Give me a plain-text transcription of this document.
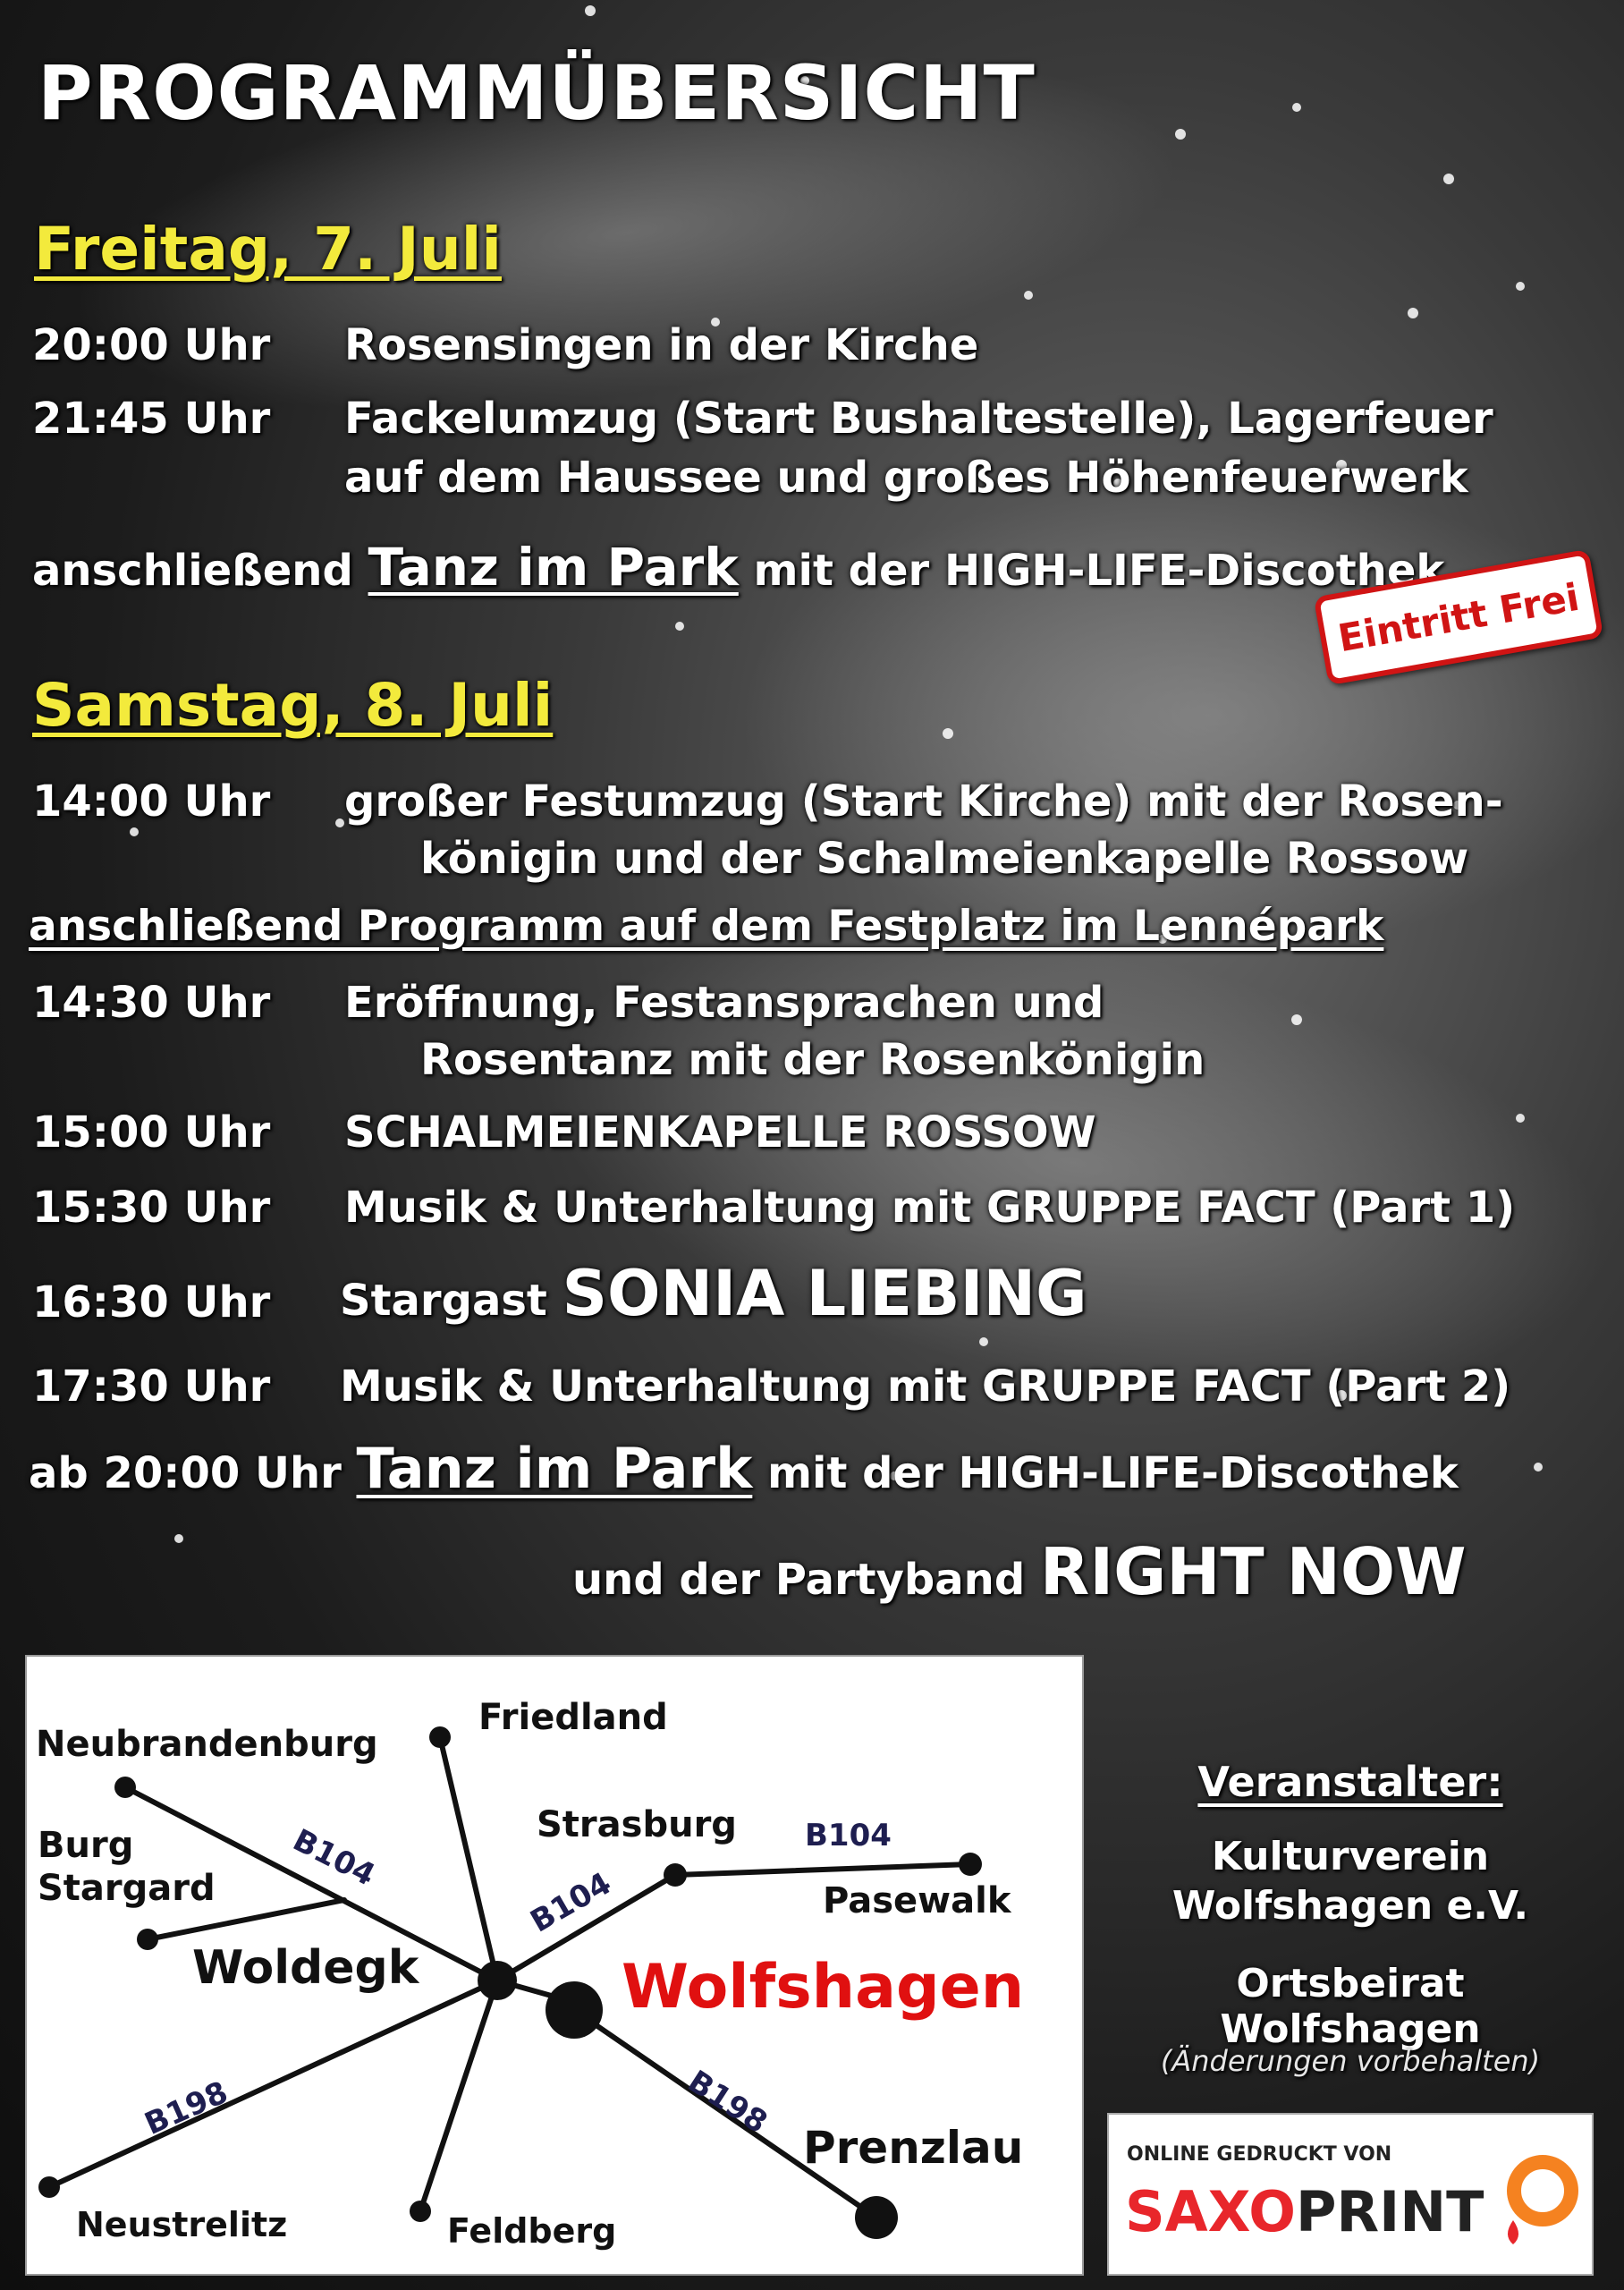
PROGRAMMÜBERSICHT
Freitag, 7. Juli
20:00 Uhr Rosensingen in der Kirche
21:45 Uhr Fackelumzug (Start Bushaltestelle), Lagerfeuer
auf dem Haussee und großes Höhenfeuerwerk
anschließend Tanz im Park mit der HIGH-LIFE-Discothek
Eintritt Frei
Samstag, 8. Juli
14:00 Uhr großer Festumzug (Start Kirche) mit der Rosen-
königin und der Schalmeienkapelle Rossow
anschließend Programm auf dem Festplatz im Lennépark
14:30 Uhr Eröffnung, Festansprachen und
Rosentanz mit der Rosenkönigin
15:00 Uhr SCHALMEIENKAPELLE ROSSOW
15:30 Uhr Musik & Unterhaltung mit GRUPPE FACT (Part 1)
16:30 Uhr Stargast SONIA LIEBING
17:30 Uhr Musik & Unterhaltung mit GRUPPE FACT (Part 2)
ab 20:00 Uhr Tanz im Park mit der HIGH-LIFE-Discothek
und der Partyband RIGHT NOW
Neubrandenburg
Friedland
Burg
Stargard
Woldegk
Strasburg
Pasewalk
Wolfshagen
Prenzlau
Neustrelitz	Feldberg
B104
B104
B104
B198	B198
Veranstalter:
Kulturverein
Wolfshagen e.V.
Ortsbeirat Wolfshagen
(Änderungen vorbehalten)
ONLINE GEDRUCKT VON
SAXOPRINT
